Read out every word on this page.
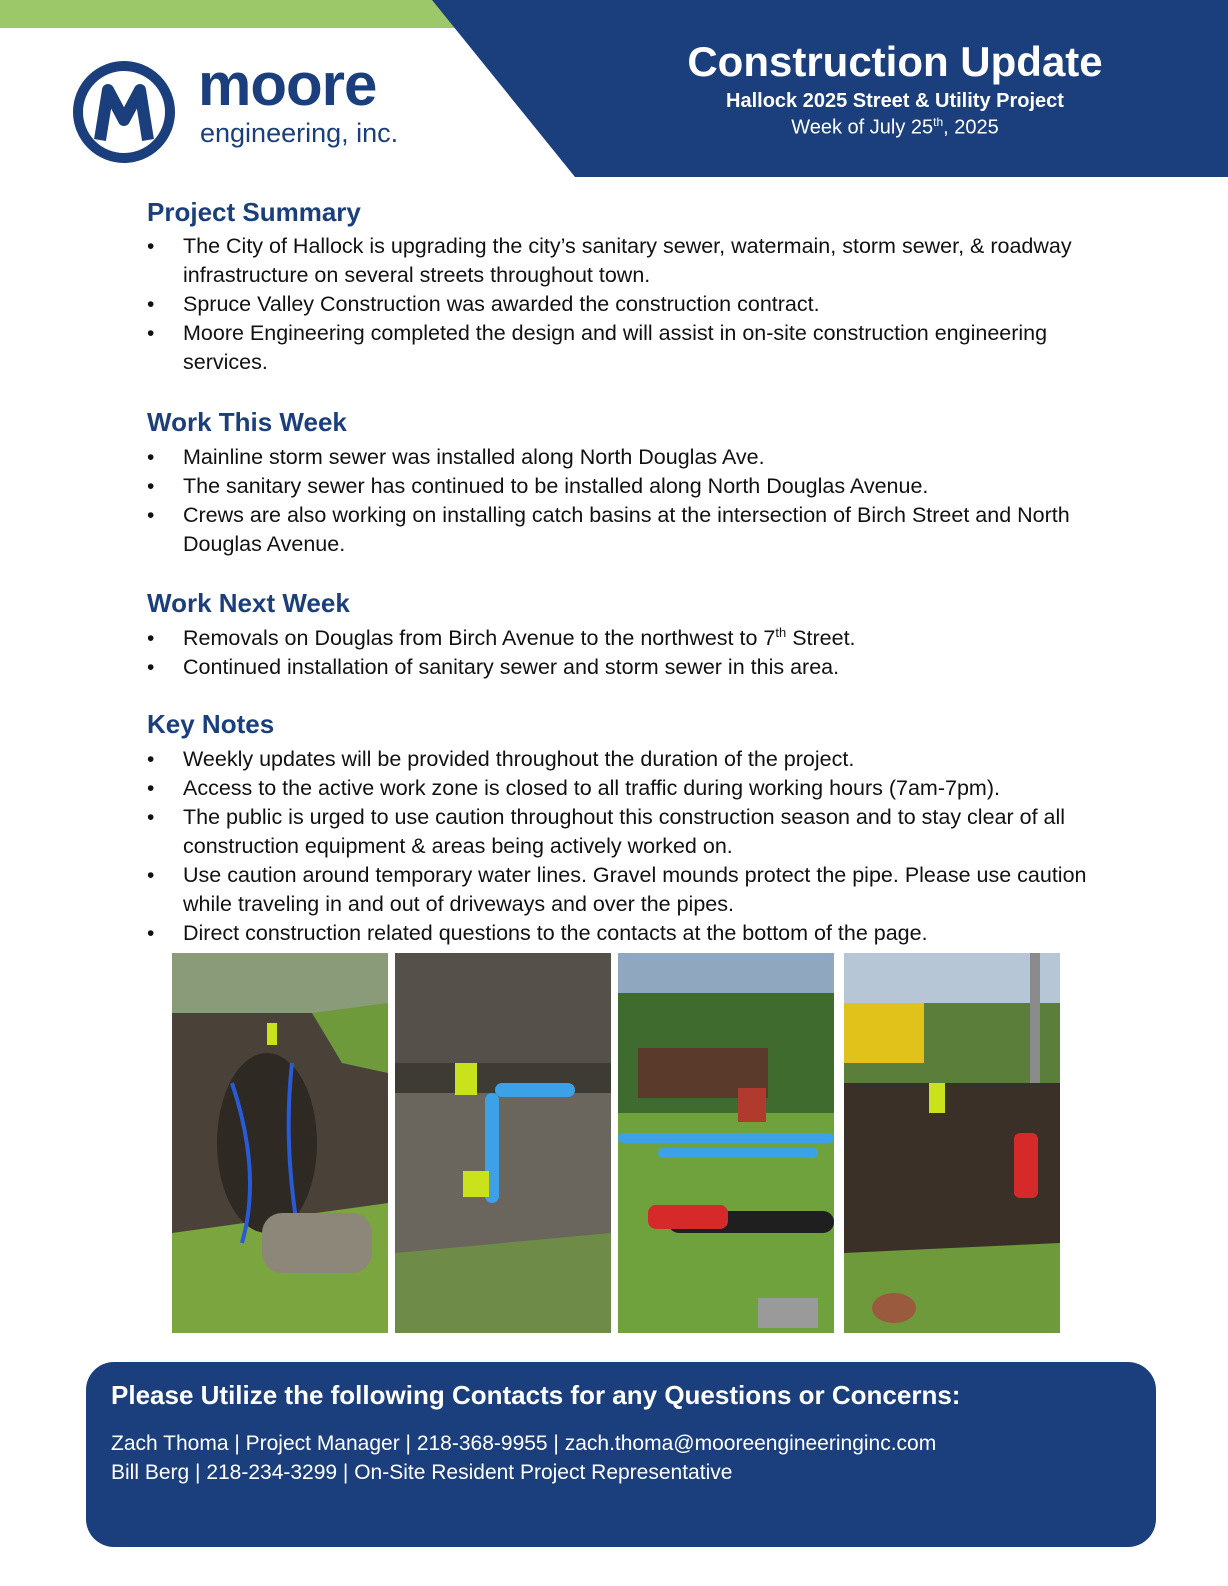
moore
engineering, inc.
Construction Update
Hallock 2025 Street & Utility Project
Week of July 25th, 2025
Project Summary
• The City of Hallock is upgrading the city’s sanitary sewer, watermain, storm sewer, & roadway infrastructure on several streets throughout town.
• Spruce Valley Construction was awarded the construction contract.
• Moore Engineering completed the design and will assist in on-site construction engineering services.
Work This Week
• Mainline storm sewer was installed along North Douglas Ave.
• The sanitary sewer has continued to be installed along North Douglas Avenue.
• Crews are also working on installing catch basins at the intersection of Birch Street and North Douglas Avenue.
Work Next Week
• Removals on Douglas from Birch Avenue to the northwest to 7th Street.
• Continued installation of sanitary sewer and storm sewer in this area.
Key Notes
• Weekly updates will be provided throughout the duration of the project.
• Access to the active work zone is closed to all traffic during working hours (7am-7pm).
• The public is urged to use caution throughout this construction season and to stay clear of all construction equipment & areas being actively worked on.
• Use caution around temporary water lines. Gravel mounds protect the pipe. Please use caution while traveling in and out of driveways and over the pipes.
• Direct construction related questions to the contacts at the bottom of the page.
Please Utilize the following Contacts for any Questions or Concerns:
Zach Thoma | Project Manager | 218-368-9955 | zach.thoma@mooreengineeringinc.com
Bill Berg | 218-234-3299 | On-Site Resident Project Representative
